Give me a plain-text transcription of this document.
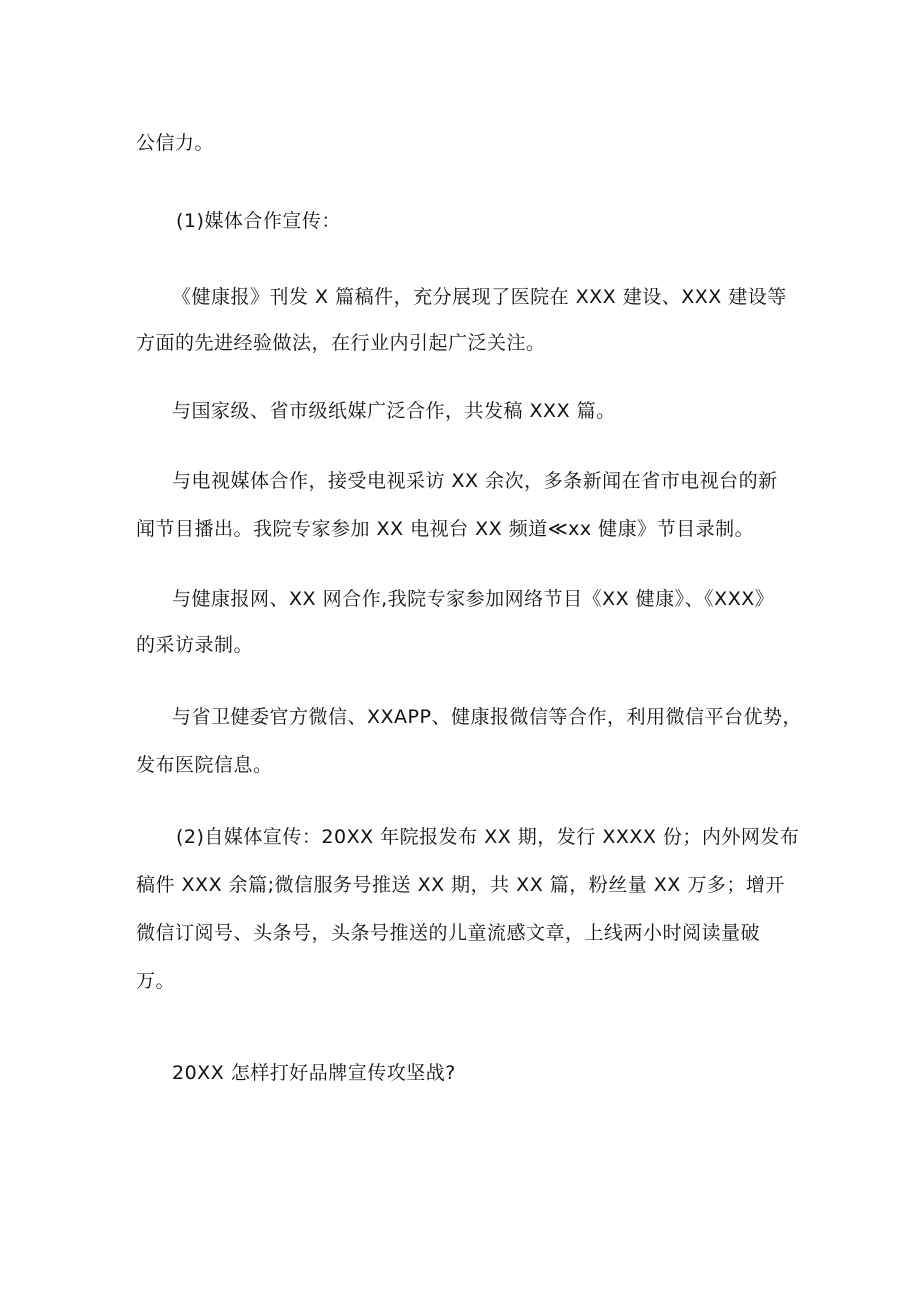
公信力。
(1)媒体合作宣传：
《健康报》刊发 X 篇稿件，充分展现了医院在 XXX 建设、XXX 建设等
方面的先进经验做法，在行业内引起广泛关注。
与国家级、省市级纸媒广泛合作，共发稿 XXX 篇。
与电视媒体合作，接受电视采访 XX 余次，多条新闻在省市电视台的新
闻节目播出。我院专家参加 XX 电视台 XX 频道≪xx 健康》节目录制。
与健康报网、XX 网合作,我院专家参加网络节目《XX 健康》、《XXX》
的采访录制。
与省卫健委官方微信、XXAPP、健康报微信等合作，利用微信平台优势，
发布医院信息。
(2)自媒体宣传：20XX 年院报发布 XX 期，发行 XXXX 份；内外网发布
稿件 XXX 余篇;微信服务号推送 XX 期，共 XX 篇，粉丝量 XX 万多；增开
微信订阅号、头条号，头条号推送的儿童流感文章，上线两小时阅读量破
万。
20XX 怎样打好品牌宣传攻坚战?
